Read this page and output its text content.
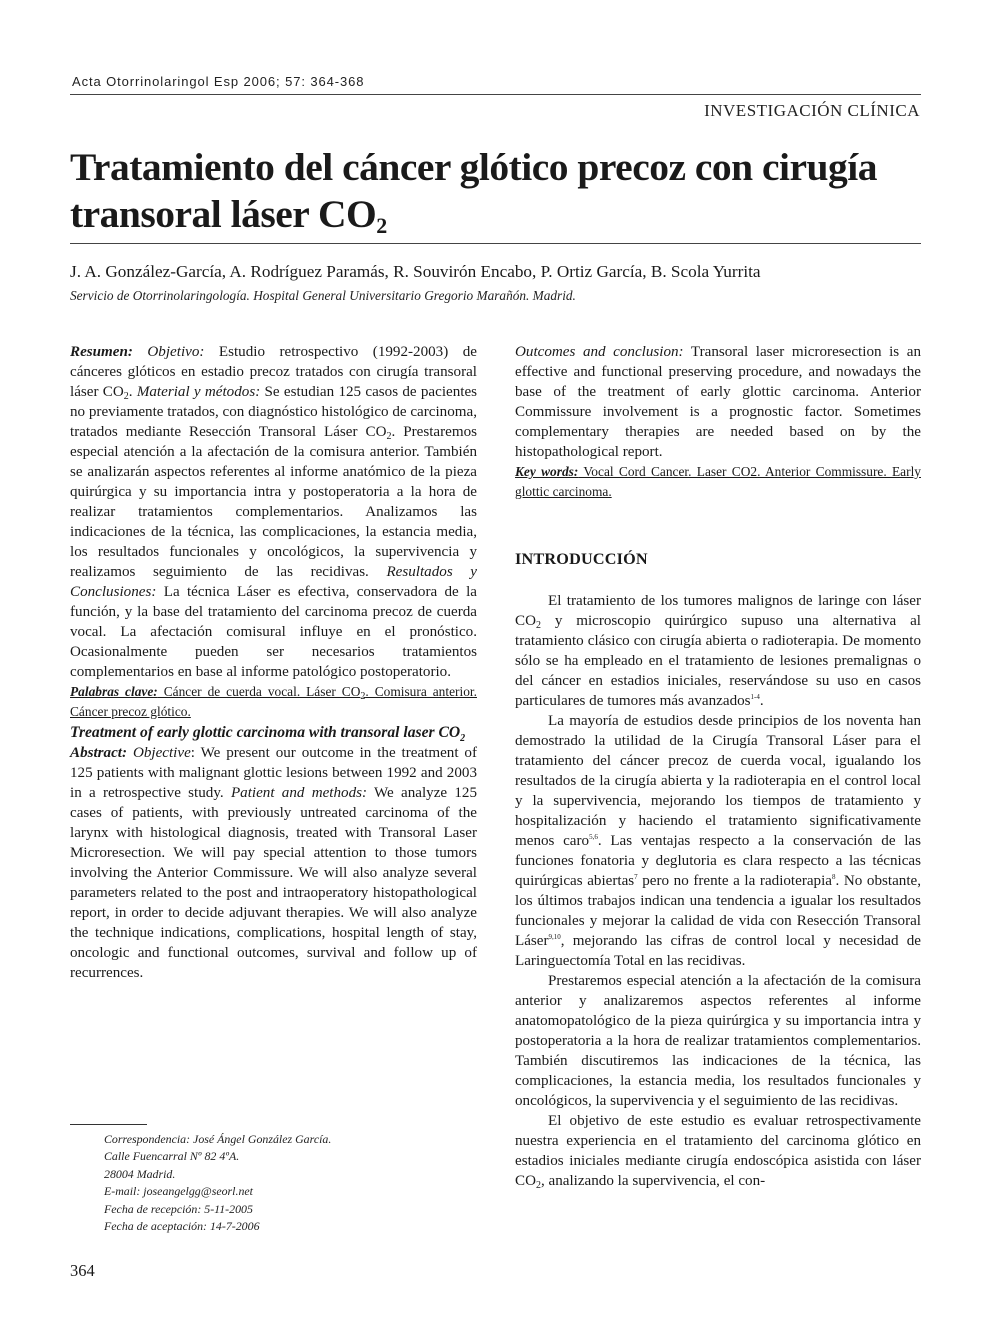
Acta Otorrinolaringol Esp 2006; 57: 364-368
INVESTIGACIÓN CLÍNICA
Tratamiento del cáncer glótico precoz con cirugía transoral láser $CO_2$
J. A. González-García, A. Rodríguez Paramás, R. Souvirón Encabo, P. Ortiz García, B. Scola Yurrita
Servicio de Otorrinolaringología. Hospital General Universitario Gregorio Marañón. Madrid.

Resumen: Objetivo: Estudio retrospectivo (1992-2003) de cánceres glóticos en estadio precoz tratados con cirugía transoral láser $CO_2$. Material y métodos: Se estudian 125 casos de pacientes no previamente tratados, con diagnóstico histológico de carcinoma, tratados mediante Resección Transoral Láser $CO_2$. Prestaremos especial atención a la afectación de la comisura anterior. También se analizarán aspectos referentes al informe anatómico de la pieza quirúrgica y su importancia intra y postoperatoria a la hora de realizar tratamientos complementarios. Analizamos las indicaciones de la técnica, las complicaciones, la estancia media, los resultados funcionales y oncológicos, la supervivencia y realizamos seguimiento de las recidivas. Resultados y Conclusiones: La técnica Láser es efectiva, conservadora de la función, y la base del tratamiento del carcinoma precoz de cuerda vocal. La afectación comisural influye en el pronóstico. Ocasionalmente pueden ser necesarios tratamientos complementarios en base al informe patológico postoperatorio.

Palabras clave: Cáncer de cuerda vocal. Láser $CO_2$. Comisura anterior. Cáncer precoz glótico.

Treatment of early glottic carcinoma with transoral laser $CO_2$

Abstract: Objective: We present our outcome in the treatment of 125 patients with malignant glottic lesions between 1992 and 2003 in a retrospective study. Patient and methods: We analyze 125 cases of patients, with previously untreated carcinoma of the larynx with histological diagnosis, treated with Transoral Laser Microresection. We will pay special attention to those tumors involving the Anterior Commissure. We will also analyze several parameters related to the post and intraoperatory histopathological report, in order to decide adjuvant therapies. We will also analyze the technique indications, complications, hospital length of stay, oncologic and functional outcomes, survival and follow up of recurrences.

Outcomes and conclusion: Transoral laser microresection is an effective and functional preserving procedure, and nowadays the base of the treatment of early glottic carcinoma. Anterior Commissure involvement is a prognostic factor. Sometimes complementary therapies are needed based on by the histopathological report.

Key words: Vocal Cord Cancer. Laser CO2. Anterior Commissure. Early glottic carcinoma.

INTRODUCCIÓN

El tratamiento de los tumores malignos de laringe con láser $CO_2$ y microscopio quirúrgico supuso una alternativa al tratamiento clásico con cirugía abierta o radioterapia. De momento sólo se ha empleado en el tratamiento de lesiones premalignas o del cáncer en estadios iniciales, reservándose su uso en casos particulares de tumores más avanzados$^{1-4}$.

La mayoría de estudios desde principios de los noventa han demostrado la utilidad de la Cirugía Transoral Láser para el tratamiento del cáncer precoz de cuerda vocal, igualando los resultados de la cirugía abierta y la radioterapia en el control local y la supervivencia, mejorando los tiempos de tratamiento y hospitalización y haciendo el tratamiento significativamente menos caro$^{5,6}$. Las ventajas respecto a la conservación de las funciones fonatoria y deglutoria es clara respecto a las técnicas quirúrgicas abiertas$^7$ pero no frente a la radioterapia$^8$. No obstante, los últimos trabajos indican una tendencia a igualar los resultados funcionales y mejorar la calidad de vida con Resección Transoral Láser$^{9,10}$, mejorando las cifras de control local y necesidad de Laringuectomía Total en las recidivas.

Prestaremos especial atención a la afectación de la comisura anterior y analizaremos aspectos referentes al informe anatomopatológico de la pieza quirúrgica y su importancia intra y postoperatoria a la hora de realizar tratamientos complementarios. También discutiremos las indicaciones de la técnica, las complicaciones, la estancia media, los resultados funcionales y oncológicos, la supervivencia y el seguimiento de las recidivas.

El objetivo de este estudio es evaluar retrospectivamente nuestra experiencia en el tratamiento del carcinoma glótico en estadios iniciales mediante cirugía endoscópica asistida con láser $CO_2$, analizando la supervivencia, el con-

Correspondencia: José Ángel González García.
Calle Fuencarral Nº 82 4ºA.
28004 Madrid.
E-mail: joseangelgg@seorl.net
Fecha de recepción: 5-11-2005
Fecha de aceptación: 14-7-2006
364
